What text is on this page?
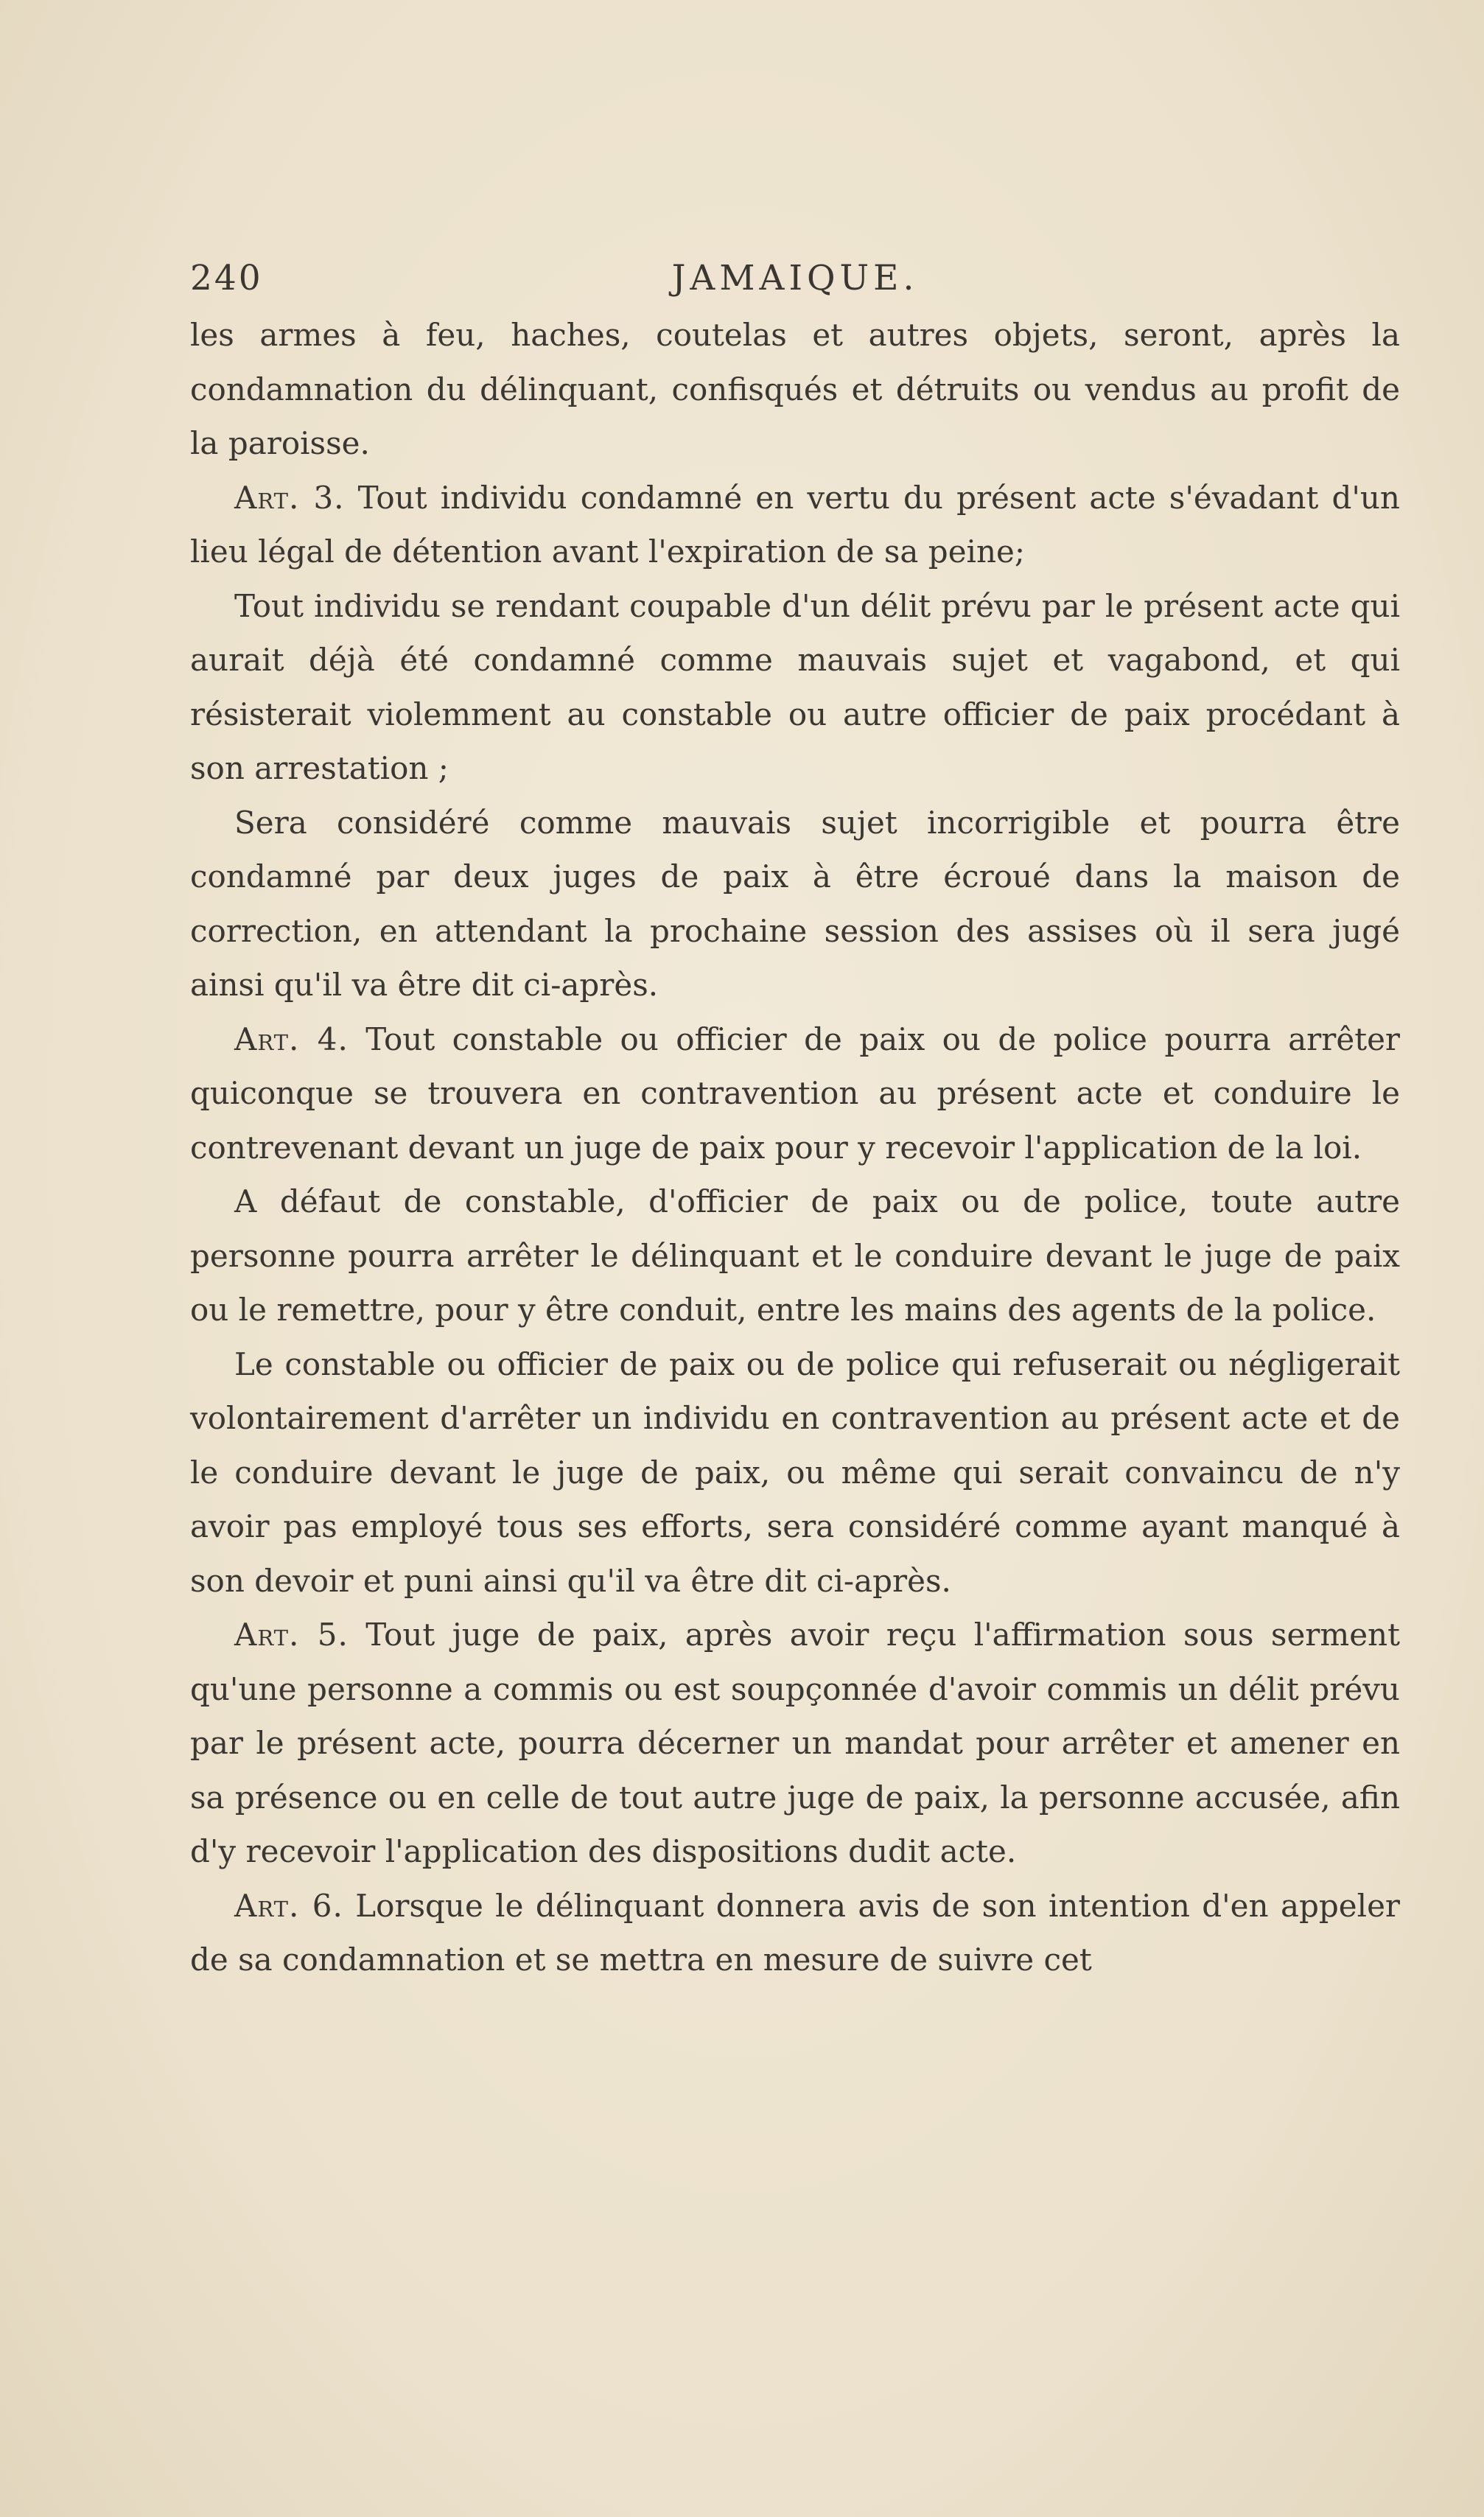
240	JAMAIQUE.

les armes à feu, haches, coutelas et autres objets, seront, après la condamnation du délinquant, confisqués et détruits ou vendus au profit de la paroisse.

Art. 3. Tout individu condamné en vertu du présent acte s'évadant d'un lieu légal de détention avant l'expiration de sa peine;

Tout individu se rendant coupable d'un délit prévu par le présent acte qui aurait déjà été condamné comme mauvais sujet et vagabond, et qui résisterait violemment au constable ou autre officier de paix procédant à son arrestation ;

Sera considéré comme mauvais sujet incorrigible et pourra être condamné par deux juges de paix à être écroué dans la maison de correction, en attendant la prochaine session des assises où il sera jugé ainsi qu'il va être dit ci-après.

Art. 4. Tout constable ou officier de paix ou de police pourra arrêter quiconque se trouvera en contravention au présent acte et conduire le contrevenant devant un juge de paix pour y recevoir l'application de la loi.

A défaut de constable, d'officier de paix ou de police, toute autre personne pourra arrêter le délinquant et le conduire devant le juge de paix ou le remettre, pour y être conduit, entre les mains des agents de la police.

Le constable ou officier de paix ou de police qui refuserait ou négligerait volontairement d'arrêter un individu en contravention au présent acte et de le conduire devant le juge de paix, ou même qui serait convaincu de n'y avoir pas employé tous ses efforts, sera considéré comme ayant manqué à son devoir et puni ainsi qu'il va être dit ci-après.

Art. 5. Tout juge de paix, après avoir reçu l'affirmation sous serment qu'une personne a commis ou est soupçonnée d'avoir commis un délit prévu par le présent acte, pourra décerner un mandat pour arrêter et amener en sa présence ou en celle de tout autre juge de paix, la personne accusée, afin d'y recevoir l'application des dispositions dudit acte.

Art. 6. Lorsque le délinquant donnera avis de son intention d'en appeler de sa condamnation et se mettra en mesure de suivre cet
